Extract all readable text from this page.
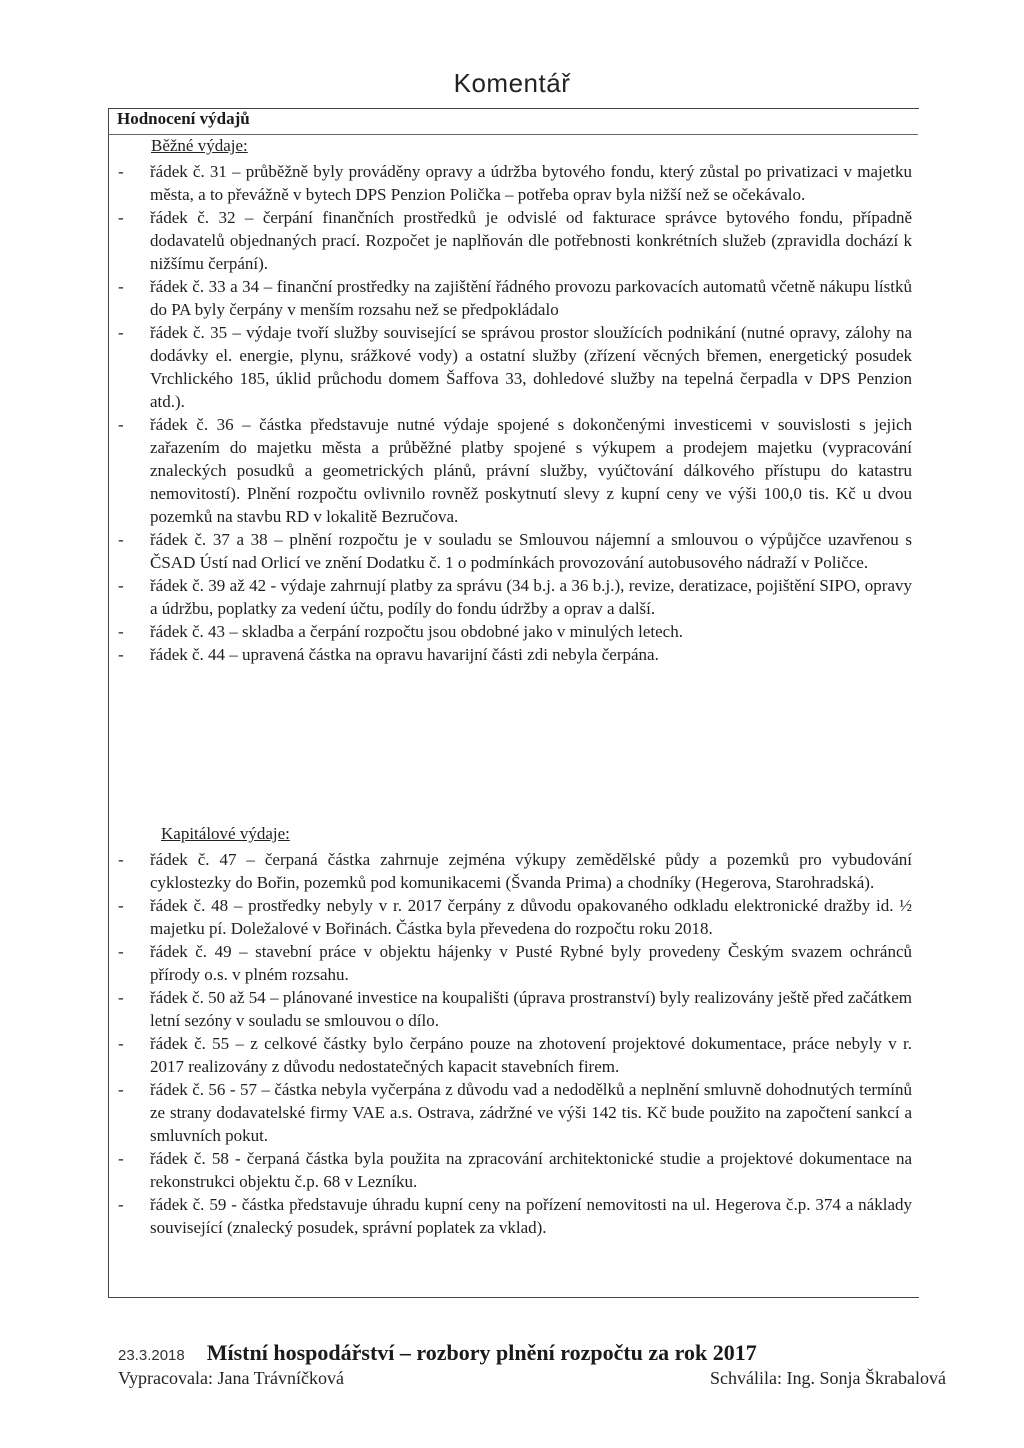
Komentář
Hodnocení výdajů
Běžné výdaje:
- řádek č. 31 – průběžně byly prováděny opravy a údržba bytového fondu, který zůstal po privatizaci v majetku města, a to převážně v bytech DPS Penzion Polička – potřeba oprav byla nižší než se očekávalo.
- řádek č. 32 – čerpání finančních prostředků je odvislé od fakturace správce bytového fondu, případně dodavatelů objednaných prací. Rozpočet je naplňován dle potřebnosti konkrétních služeb (zpravidla dochází k nižšímu čerpání).
- řádek č. 33 a 34 – finanční prostředky na zajištění řádného provozu parkovacích automatů včetně nákupu lístků do PA byly čerpány v menším rozsahu než se předpokládalo
- řádek č. 35 – výdaje tvoří služby související se správou prostor sloužících podnikání (nutné opravy, zálohy na dodávky el. energie, plynu, srážkové vody) a ostatní služby (zřízení věcných břemen, energetický posudek Vrchlického 185, úklid průchodu domem Šaffova 33, dohledové služby na tepelná čerpadla v DPS Penzion atd.).
- řádek č. 36 – částka představuje nutné výdaje spojené s dokončenými investicemi v souvislosti s jejich zařazením do majetku města a průběžné platby spojené s výkupem a prodejem majetku (vypracování znaleckých posudků a geometrických plánů, právní služby, vyúčtování dálkového přístupu do katastru nemovitostí). Plnění rozpočtu ovlivnilo rovněž poskytnutí slevy z kupní ceny ve výši 100,0 tis. Kč u dvou pozemků na stavbu RD v lokalitě Bezručova.
- řádek č. 37 a 38 – plnění rozpočtu je v souladu se Smlouvou nájemní a smlouvou o výpůjčce uzavřenou s ČSAD Ústí nad Orlicí ve znění Dodatku č. 1 o podmínkách provozování autobusového nádraží v Poličce.
- řádek č. 39 až 42 - výdaje zahrnují platby za správu (34 b.j. a 36 b.j.), revize, deratizace, pojištění SIPO, opravy a údržbu, poplatky za vedení účtu, podíly do fondu údržby a oprav a další.
- řádek č. 43 – skladba a čerpání rozpočtu jsou obdobné jako v minulých letech.
- řádek č. 44 – upravená částka na opravu havarijní části zdi nebyla čerpána.
Kapitálové výdaje:
- řádek č. 47 – čerpaná částka zahrnuje zejména výkupy zemědělské půdy a pozemků pro vybudování cyklostezky do Bořin, pozemků pod komunikacemi (Švanda Prima) a chodníky (Hegerova, Starohradská).
- řádek č. 48 – prostředky nebyly v r. 2017 čerpány z důvodu opakovaného odkladu elektronické dražby id. ½ majetku pí. Doležalové v Bořinách. Částka byla převedena do rozpočtu roku 2018.
- řádek č. 49 – stavební práce v objektu hájenky v Pusté Rybné byly provedeny Českým svazem ochránců přírody o.s. v plném rozsahu.
- řádek č. 50 až 54 – plánované investice na koupališti (úprava prostranství) byly realizovány ještě před začátkem letní sezóny v souladu se smlouvou o dílo.
- řádek č. 55 – z celkové částky bylo čerpáno pouze na zhotovení projektové dokumentace, práce nebyly v r. 2017 realizovány z důvodu nedostatečných kapacit stavebních firem.
- řádek č. 56 - 57 – částka nebyla vyčerpána z důvodu vad a nedodělků a neplnění smluvně dohodnutých termínů ze strany dodavatelské firmy VAE a.s. Ostrava, zádržné ve výši 142 tis. Kč bude použito na započtení sankcí a smluvních pokut.
- řádek č. 58 - čerpaná částka byla použita na zpracování architektonické studie a projektové dokumentace na rekonstrukci objektu č.p. 68 v Lezníku.
- řádek č. 59 - částka představuje úhradu kupní ceny na pořízení nemovitosti na ul. Hegerova č.p. 374 a náklady související (znalecký posudek, správní poplatek za vklad).
23.3.2018 Místní hospodářství – rozbory plnění rozpočtu za rok 2017
Vypracovala: Jana Trávníčková	Schválila: Ing. Sonja Škrabalová
